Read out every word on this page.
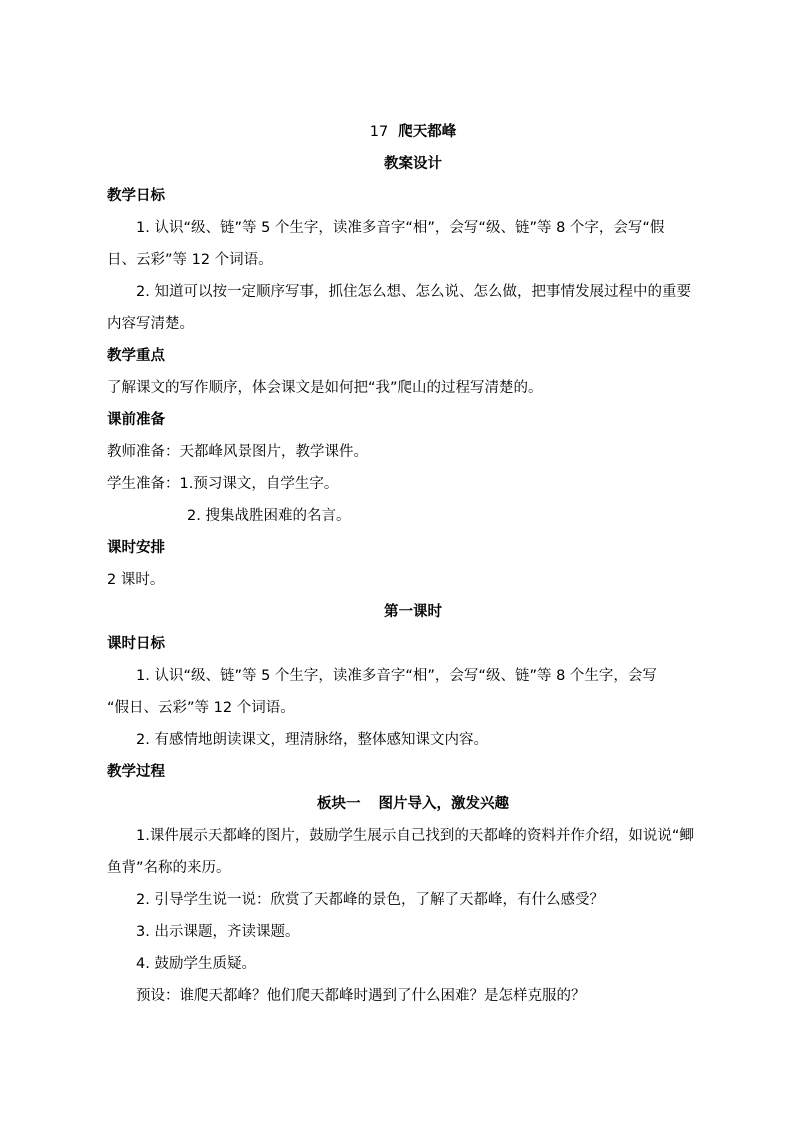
17 爬天都峰

教案设计

教学日标

1. 认识“级、链”等 5 个生字，读准多音字“相”，会写“级、链”等 8 个字，会写“假
日、云彩”等 12 个词语。

2. 知道可以按一定顺序写事，抓住怎么想、怎么说、怎么做，把事情发展过程中的重要
内容写清楚。

教学重点

了解课文的写作顺序，体会课文是如何把“我”爬山的过程写清楚的。

课前准备

教师准备：天都峰风景图片，教学课件。

学生准备：1.预习课文，自学生字。

2. 搜集战胜困难的名言。

课时安排

2 课时。

第一课时

课时日标

1. 认识“级、链”等 5 个生字，读准多音字“相”，会写“级、链”等 8 个生字，会写
“假日、云彩”等 12 个词语。

2. 有感情地朗读课文，理清脉络，整体感知课文内容。

教学过程

板块一 图片导入，激发兴趣

1.课件展示天都峰的图片，鼓励学生展示自己找到的天都峰的资料并作介绍，如说说“鲫
鱼背”名称的来历。

2. 引导学生说一说：欣赏了天都峰的景色，了解了天都峰，有什么感受？

3. 出示课题，齐读课题。

4. 鼓励学生质疑。

预设：谁爬天都峰？他们爬天都峰时遇到了什么困难？是怎样克服的？
